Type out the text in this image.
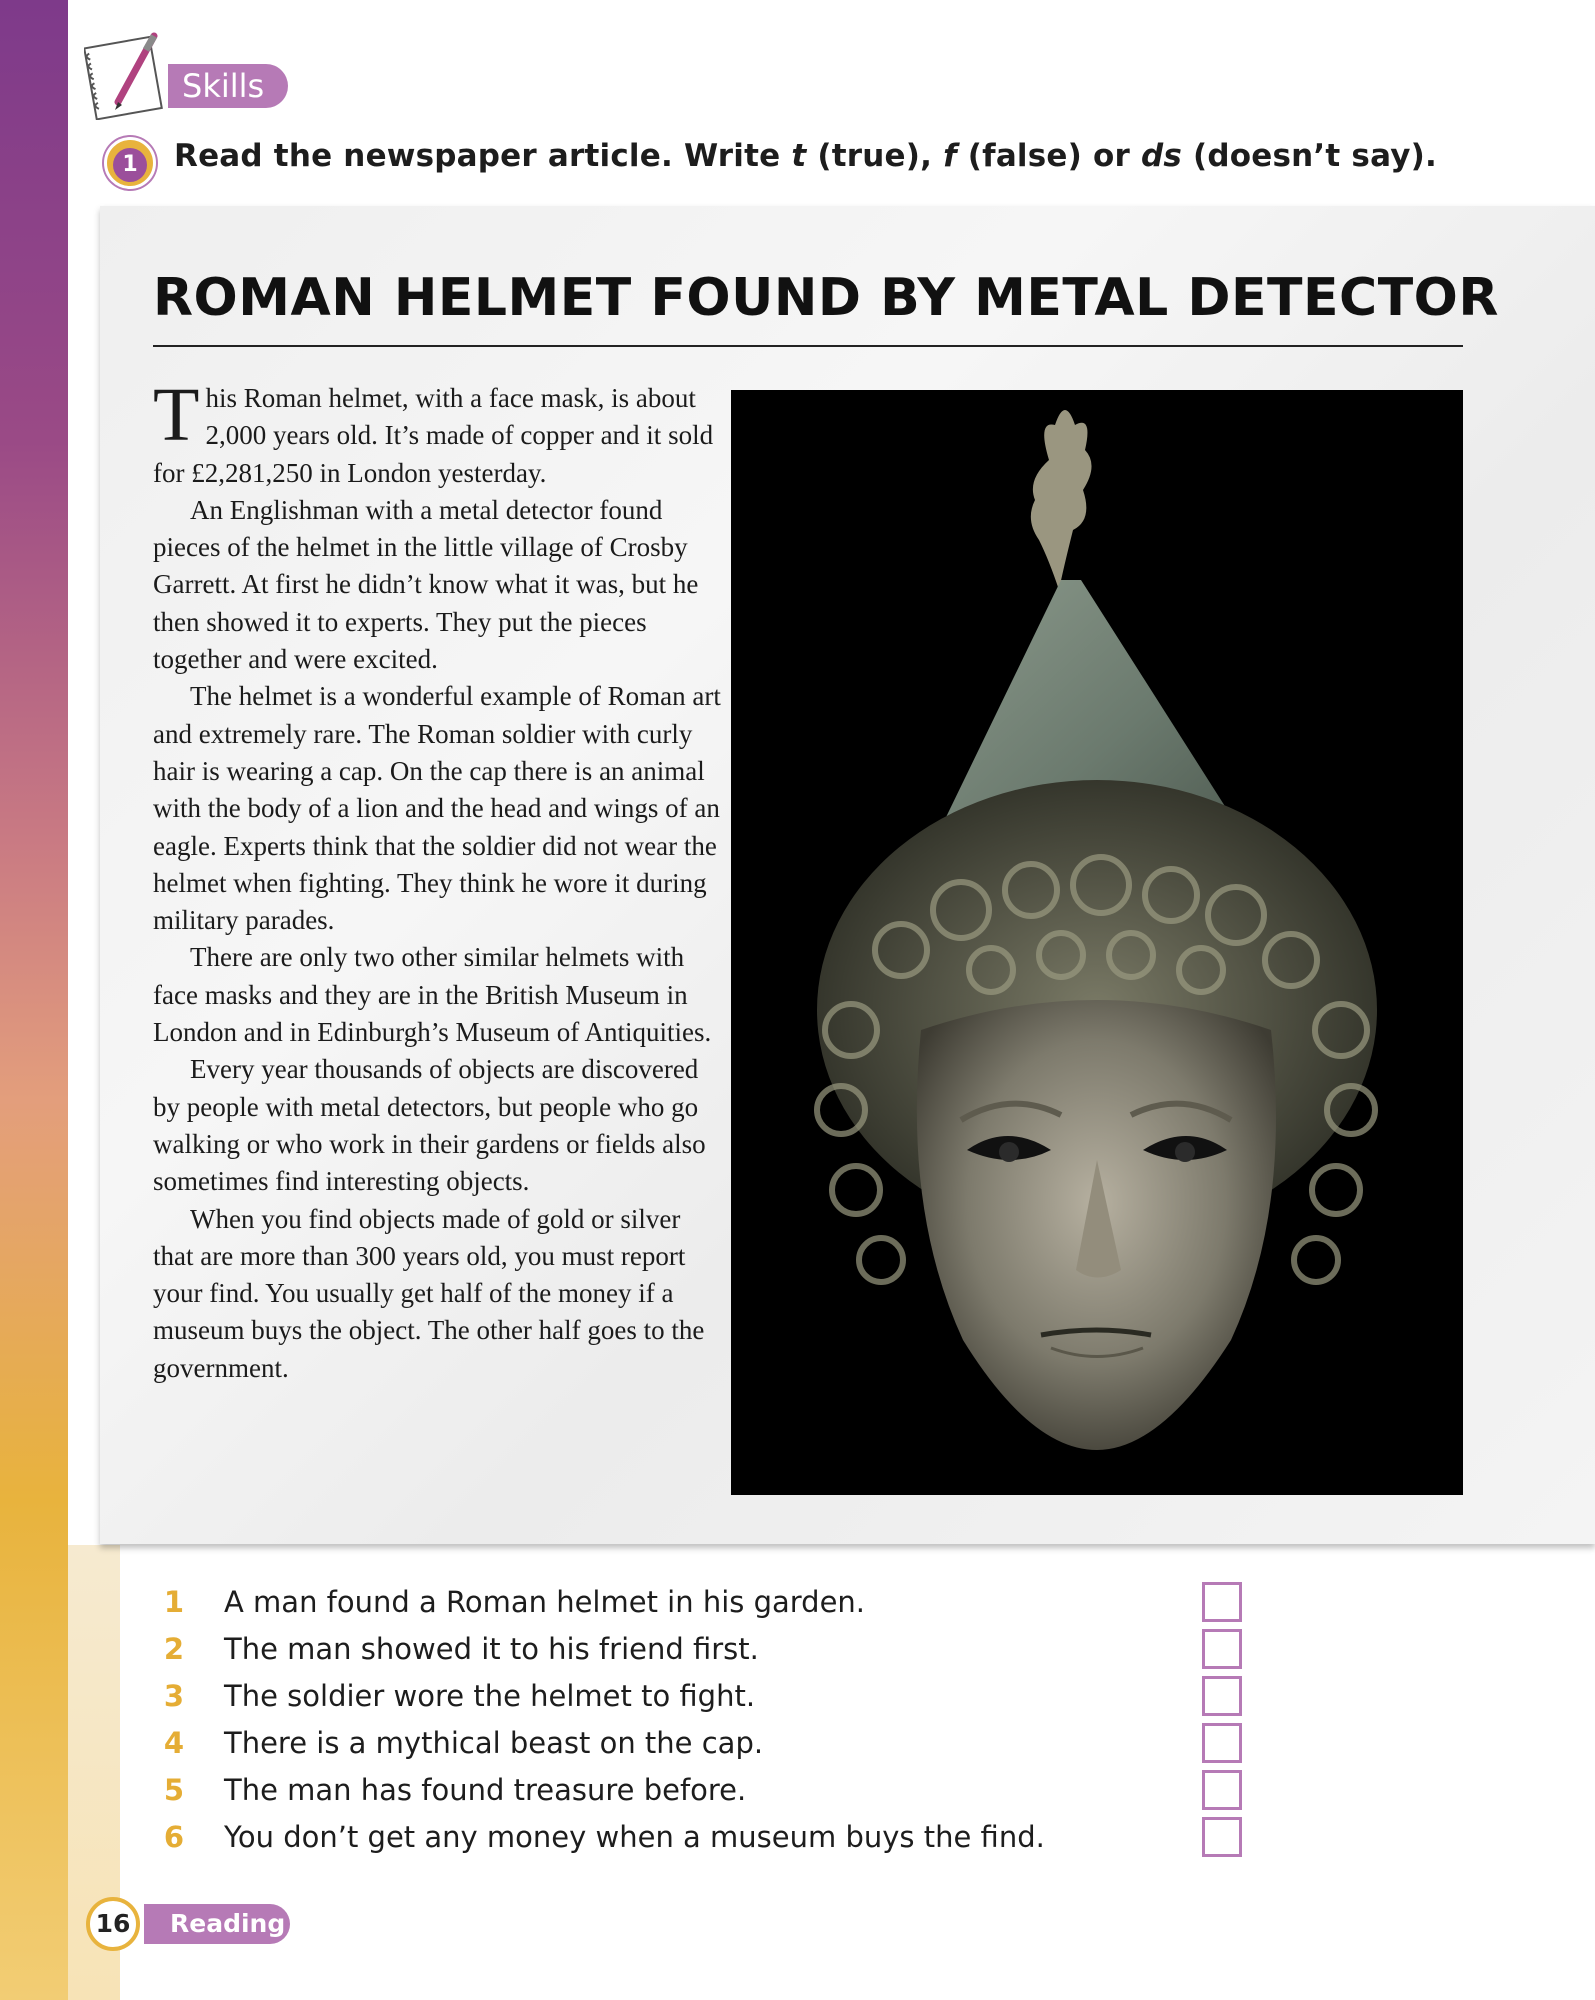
Skills
1	Read the newspaper article. Write t (true), f (false) or ds (doesn’t say).
ROMAN HELMET FOUND BY METAL DETECTOR

This Roman helmet, with a face mask, is about 2,000 years old. It’s made of copper and it sold for £2,281,250 in London yesterday.

An Englishman with a metal detector found pieces of the helmet in the little village of Crosby Garrett. At first he didn’t know what it was, but he then showed it to experts. They put the pieces together and were excited.

The helmet is a wonderful example of Roman art and extremely rare. The Roman soldier with curly hair is wearing a cap. On the cap there is an animal with the body of a lion and the head and wings of an eagle. Experts think that the soldier did not wear the helmet when fighting. They think he wore it during military parades.

There are only two other similar helmets with face masks and they are in the British Museum in London and in Edinburgh’s Museum of Antiquities.

Every year thousands of objects are discovered by people with metal detectors, but people who go walking or who work in their gardens or fields also sometimes find interesting objects.

When you find objects made of gold or silver that are more than 300 years old, you must report your find. You usually get half of the money if a museum buys the object. The other half goes to the government.

1 A man found a Roman helmet in his garden.
2 The man showed it to his friend first.
3 The soldier wore the helmet to fight.
4 There is a mythical beast on the cap.
5 The man has found treasure before.
6 You don’t get any money when a museum buys the find.
16	Reading
